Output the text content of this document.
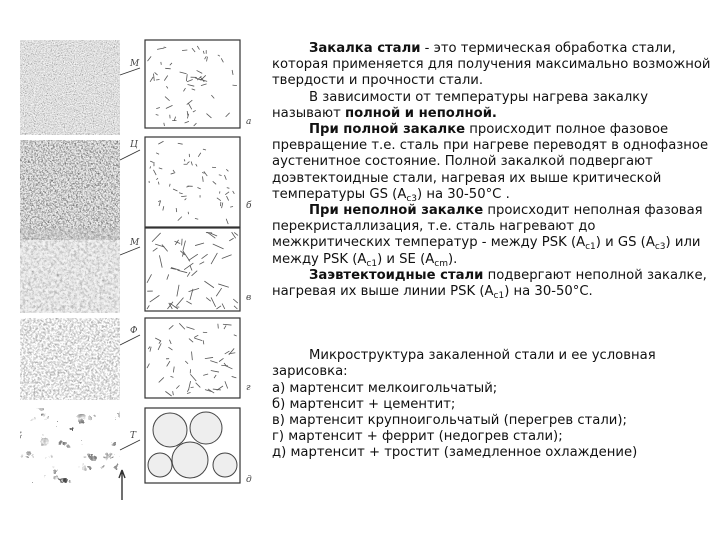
М
Ц
М
Ф
Т
a
б
в
г
д

Закалка стали - это термическая обработка стали, которая применяется для получения максимально возможной твердости и прочности стали.

В зависимости от температуры нагрева закалку называют полной и неполной.

При полной закалке происходит полное фазовое превращение т.е. сталь при нагреве переводят в однофазное аустенитное состояние. Полной закалкой подвергают доэвтектоидные стали, нагревая их выше критической температуры GS $(А_{с3})$ на 30-50°С .

При неполной закалке происходит неполная фазовая перекристаллизация, т.е. сталь нагревают до межкритических температур - между PSK $(А_{с1})$ и GS $(А_{с3})$ или между PSK $(А_{с1})$ и SE $(А_{cm})$.

Заэвтектоидные стали подвергают неполной закалке, нагревая их выше линии PSK $(А_{с1})$ на 30-50°С.

Микроструктура закаленной стали и ее условная зарисовка:

а) мартенсит мелкоигольчатый;

б) мартенсит + цементит;

в) мартенсит крупноигольчатый (перегрев стали);

г) мартенсит + феррит (недогрев стали);

д) мартенсит + тростит (замедленное охлаждение)
